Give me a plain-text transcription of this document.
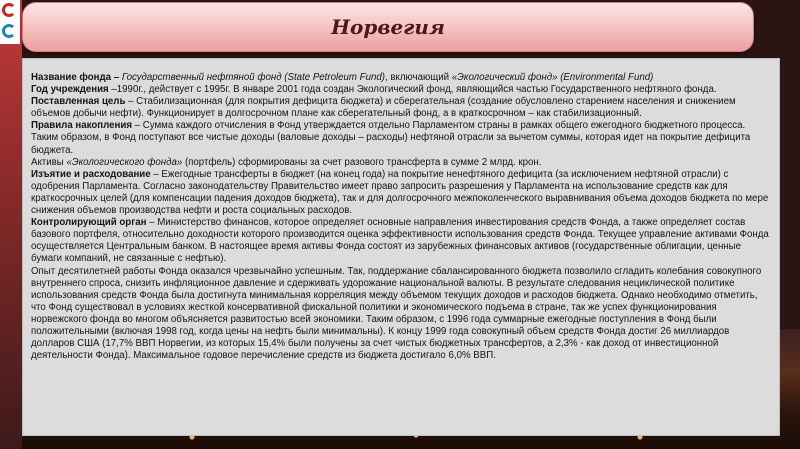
Норвегия

Название фонда – Государственный нефтяной фонд (State Petroleum Fund), включающий «Экологический фонд» (Environmental Fund)

Год учреждения –1990г., действует с 1995г. В январе 2001 года создан Экологический фонд, являющийся частью Государственного нефтяного фонда.

Поставленная цель – Стабилизационная (для покрытия дефицита бюджета) и сберегательная (создание обусловлено старением населения и снижением объемов добычи нефти). Функционирует в долгосрочном плане как сберегательный фонд, а в краткосрочном – как стабилизационный.

Правила накопления – Сумма каждого отчисления в Фонд утверждается отдельно Парламентом страны в рамках общего ежегодного бюджетного процесса. Таким образом, в Фонд поступают все чистые доходы (валовые доходы – расходы) нефтяной отрасли за вычетом суммы, которая идет на покрытие дефицита бюджета.

Активы «Экологического фонда» (портфель) сформированы за счет разового трансферта в сумме 2 млрд. крон.

Изъятие и расходование – Ежегодные трансферты в бюджет (на конец года) на покрытие ненефтяного дефицита (за исключением нефтяной отрасли) с одобрения Парламента. Согласно законодательству Правительство имеет право запросить разрешения у Парламента на использование средств как для краткосрочных целей (для компенсации падения доходов бюджета), так и для долгосрочного межпоколенческого выравнивания объема доходов бюджета по мере снижения объемов производства нефти и роста социальных расходов.

Контролирующий орган – Министерство финансов, которое определяет основные направления инвестирования средств Фонда, а также определяет состав базового портфеля, относительно доходности которого производится оценка эффективности использования средств Фонда. Текущее управление активами Фонда осуществляется Центральным банком. В настоящее время активы Фонда состоят из зарубежных финансовых активов (государственные облигации, ценные бумаги компаний, не связанные с нефтью).

Опыт десятилетней работы Фонда оказался чрезвычайно успешным. Так, поддержание сбалансированного бюджета позволило сгладить колебания совокупного внутреннего спроса, снизить инфляционное давление и сдерживать удорожание национальной валюты. В результате следования нециклической политике использования средств Фонда была достигнута минимальная корреляция между объемом текущих доходов и расходов бюджета. Однако необходимо отметить, что Фонд существовал в условиях жесткой консервативной фискальной политики и экономического подъема в стране, так же успех функционирования норвежского фонда во многом объясняется развитостью всей экономики. Таким образом, с 1996 года суммарные ежегодные поступления в Фонд были положительными (включая 1998 год, когда цены на нефть были минимальны). К концу 1999 года совокупный объем средств Фонда достиг 26 миллиардов долларов США (17,7% ВВП Норвегии, из которых 15,4% были получены за счет чистых бюджетных трансфертов, а 2,3% - как доход от инвестиционной деятельности Фонда). Максимальное годовое перечисление средств из бюджета достигало 6,0% ВВП.
